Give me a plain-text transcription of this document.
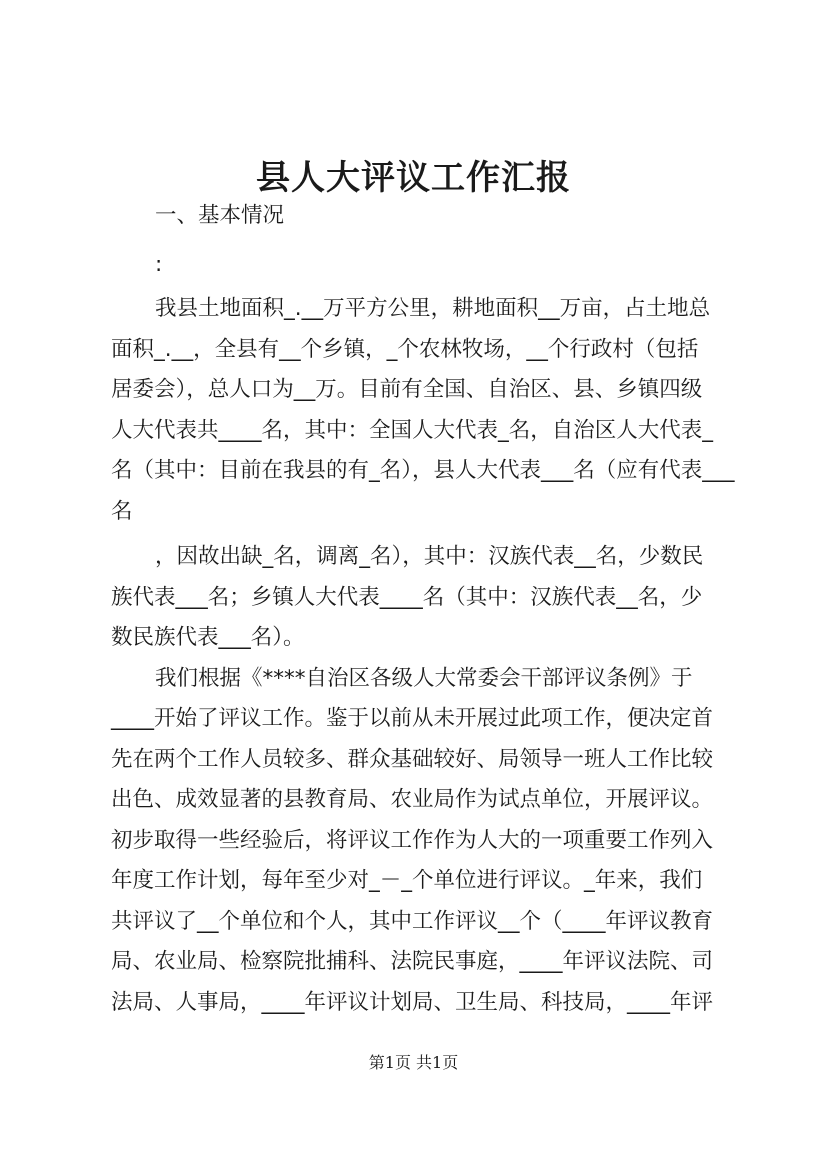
县人大评议工作汇报
一、基本情况
:
我县土地面积_.__万平方公里，耕地面积__万亩，占土地总
面积_.__，全县有__个乡镇，_个农林牧场，__个行政村（包括
居委会），总人口为__万。目前有全国、自治区、县、乡镇四级
人大代表共____名，其中：全国人大代表_名，自治区人大代表_
名（其中：目前在我县的有_名），县人大代表___名（应有代表___
名
，因故出缺_名，调离_名），其中：汉族代表__名，少数民
族代表___名；乡镇人大代表____名（其中：汉族代表__名，少
数民族代表___名）。
我们根据《****自治区各级人大常委会干部评议条例》于
____开始了评议工作。鉴于以前从未开展过此项工作，便决定首
先在两个工作人员较多、群众基础较好、局领导一班人工作比较
出色、成效显著的县教育局、农业局作为试点单位，开展评议。
初步取得一些经验后，将评议工作作为人大的一项重要工作列入
年度工作计划，每年至少对_－_个单位进行评议。_年来，我们
共评议了__个单位和个人，其中工作评议__个（____年评议教育
局、农业局、检察院批捕科、法院民事庭，____年评议法院、司
法局、人事局，____年评议计划局、卫生局、科技局，____年评
第1页 共1页
